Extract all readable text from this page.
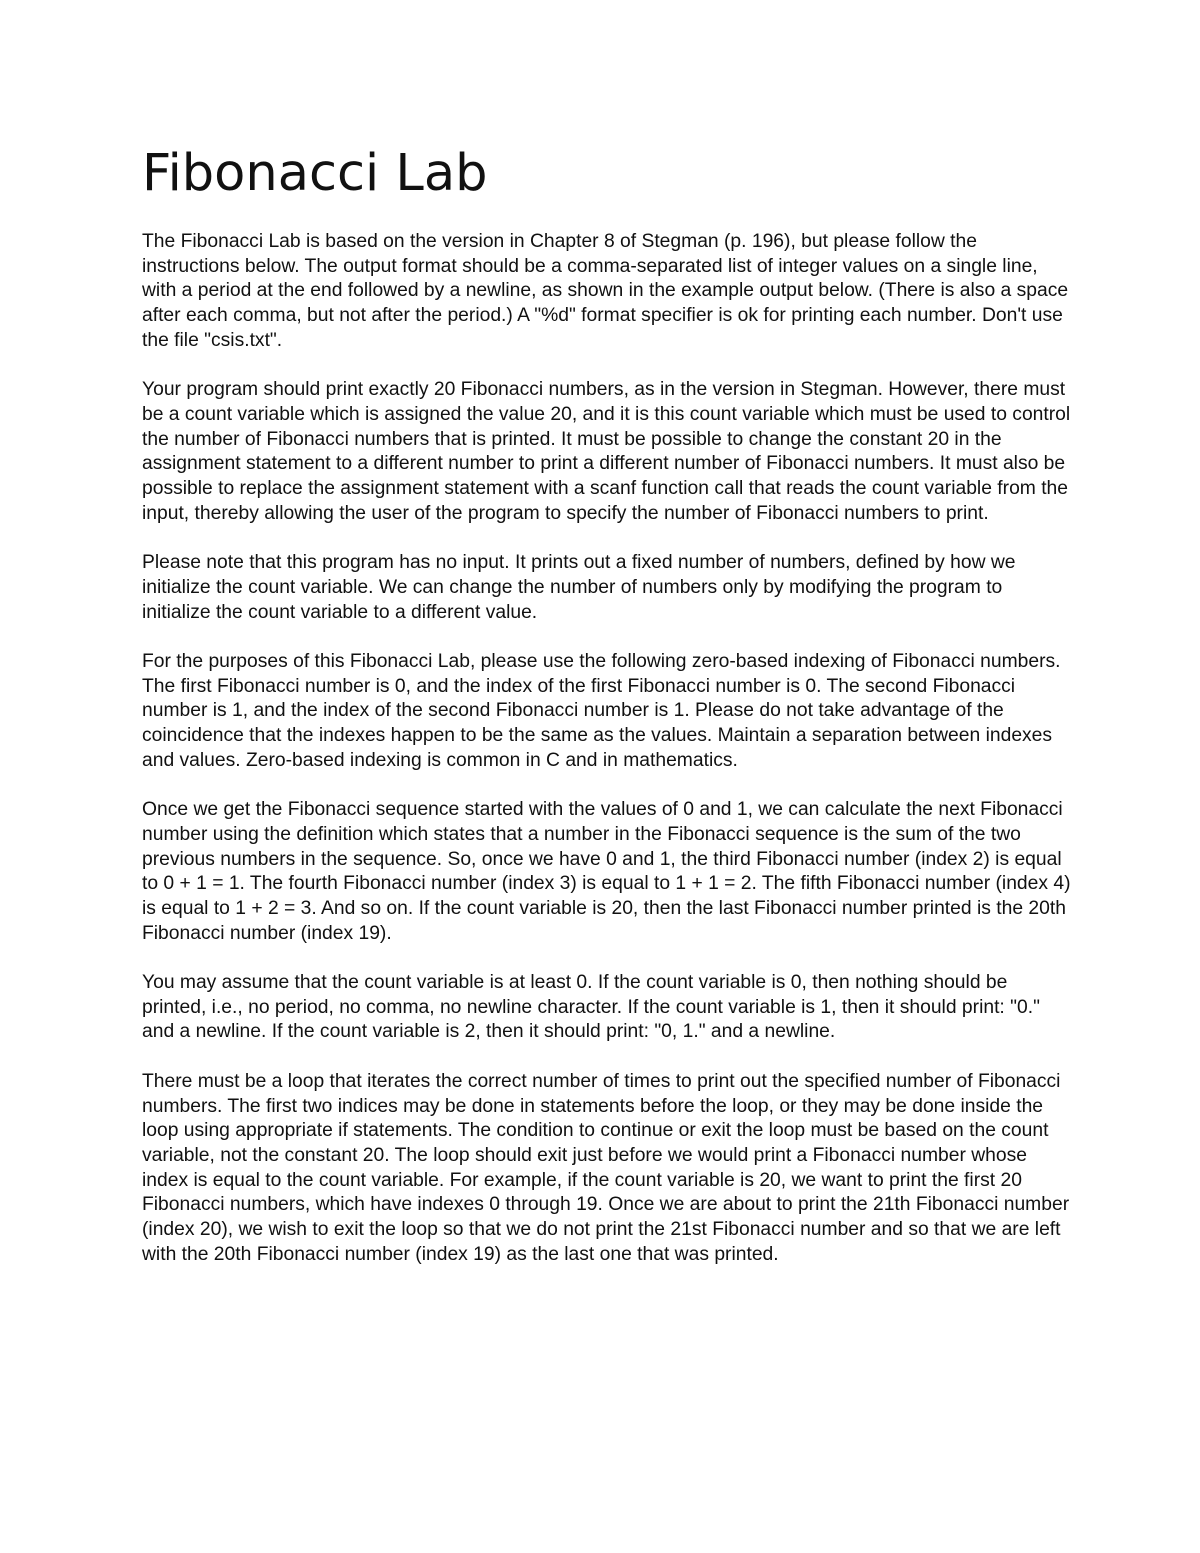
Fibonacci Lab

The Fibonacci Lab is based on the version in Chapter 8 of Stegman (p. 196), but please follow the instructions below. The output format should be a comma-separated list of integer values on a single line, with a period at the end followed by a newline, as shown in the example output below. (There is also a space after each comma, but not after the period.) A "%d" format specifier is ok for printing each number. Don't use the file "csis.txt".

Your program should print exactly 20 Fibonacci numbers, as in the version in Stegman. However, there must be a count variable which is assigned the value 20, and it is this count variable which must be used to control the number of Fibonacci numbers that is printed. It must be possible to change the constant 20 in the assignment statement to a different number to print a different number of Fibonacci numbers. It must also be possible to replace the assignment statement with a scanf function call that reads the count variable from the input, thereby allowing the user of the program to specify the number of Fibonacci numbers to print.

Please note that this program has no input. It prints out a fixed number of numbers, defined by how we initialize the count variable. We can change the number of numbers only by modifying the program to initialize the count variable to a different value.

For the purposes of this Fibonacci Lab, please use the following zero-based indexing of Fibonacci numbers. The first Fibonacci number is 0, and the index of the first Fibonacci number is 0. The second Fibonacci number is 1, and the index of the second Fibonacci number is 1. Please do not take advantage of the coincidence that the indexes happen to be the same as the values. Maintain a separation between indexes and values. Zero-based indexing is common in C and in mathematics.

Once we get the Fibonacci sequence started with the values of 0 and 1, we can calculate the next Fibonacci number using the definition which states that a number in the Fibonacci sequence is the sum of the two previous numbers in the sequence. So, once we have 0 and 1, the third Fibonacci number (index 2) is equal to 0 + 1 = 1. The fourth Fibonacci number (index 3) is equal to 1 + 1 = 2. The fifth Fibonacci number (index 4) is equal to 1 + 2 = 3. And so on. If the count variable is 20, then the last Fibonacci number printed is the 20th Fibonacci number (index 19).

You may assume that the count variable is at least 0. If the count variable is 0, then nothing should be printed, i.e., no period, no comma, no newline character. If the count variable is 1, then it should print: "0." and a newline. If the count variable is 2, then it should print: "0, 1." and a newline.

There must be a loop that iterates the correct number of times to print out the specified number of Fibonacci numbers. The first two indices may be done in statements before the loop, or they may be done inside the loop using appropriate if statements. The condition to continue or exit the loop must be based on the count variable, not the constant 20. The loop should exit just before we would print a Fibonacci number whose index is equal to the count variable. For example, if the count variable is 20, we want to print the first 20 Fibonacci numbers, which have indexes 0 through 19. Once we are about to print the 21th Fibonacci number (index 20), we wish to exit the loop so that we do not print the 21st Fibonacci number and so that we are left with the 20th Fibonacci number (index 19) as the last one that was printed.
